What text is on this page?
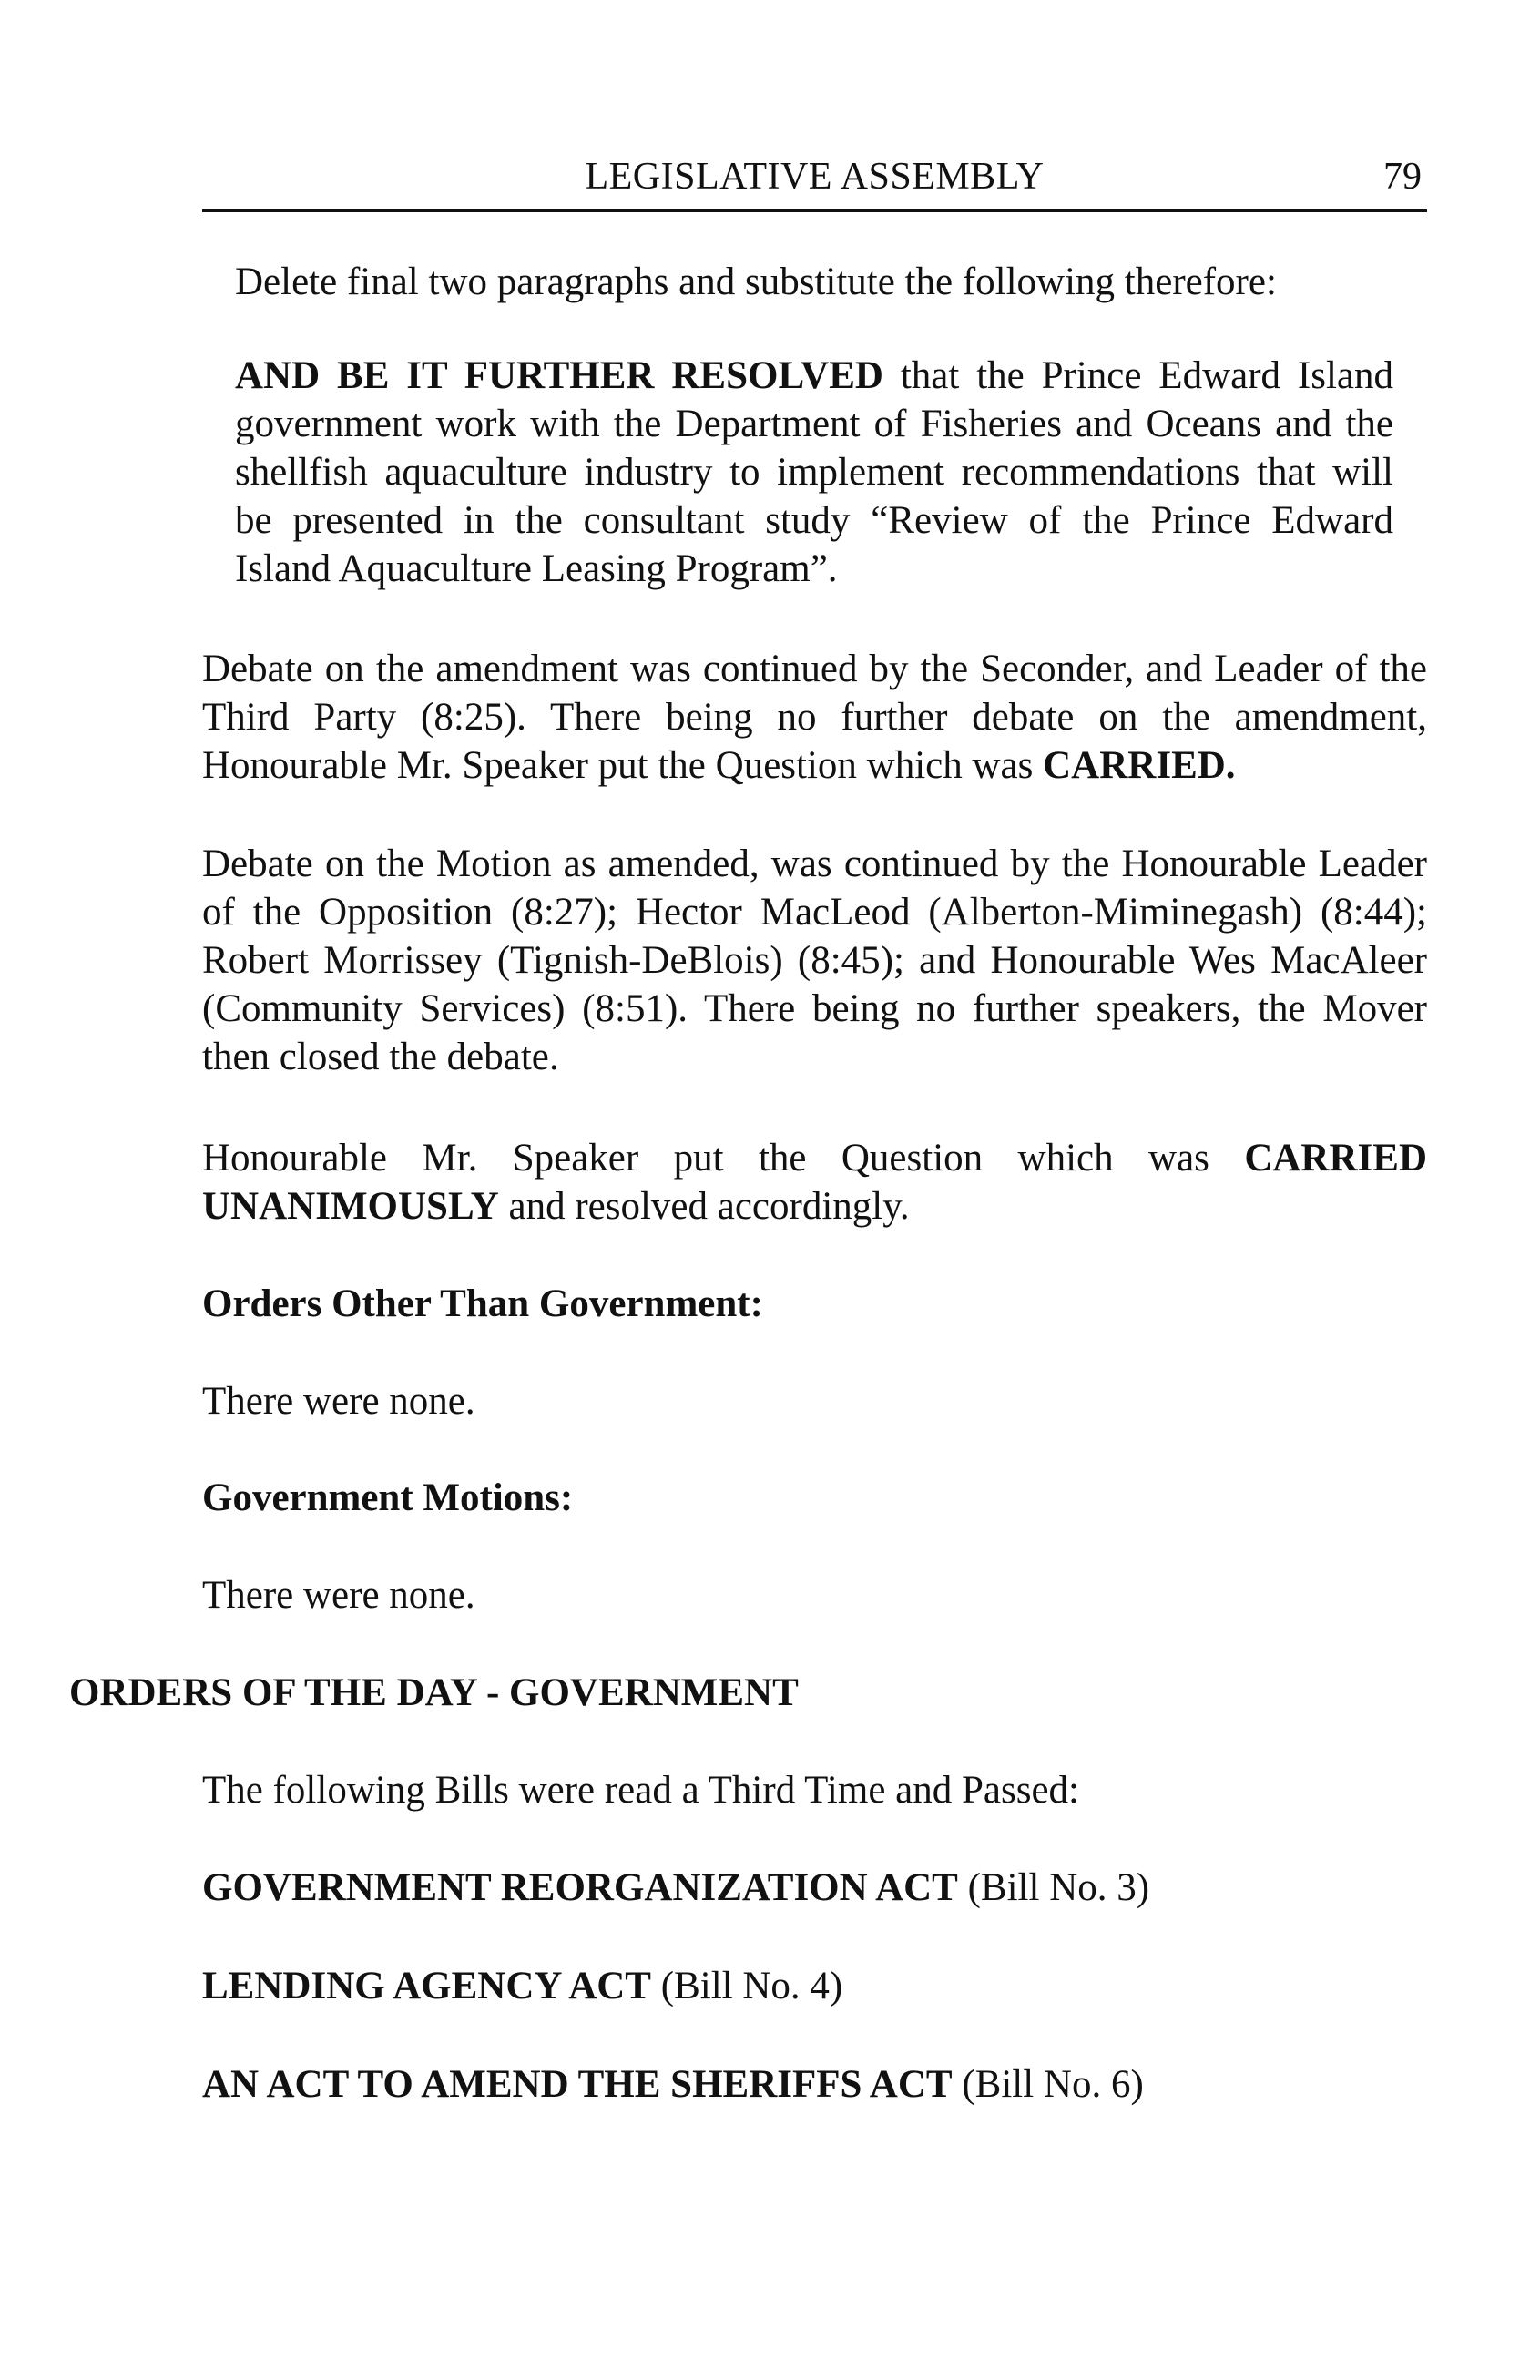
LEGISLATIVE ASSEMBLY	79
Delete final two paragraphs and substitute the following therefore:
AND BE IT FURTHER RESOLVED that the Prince Edward Island
government work with the Department of Fisheries and Oceans and the
shellfish aquaculture industry to implement recommendations that will
be presented in the consultant study “Review of the Prince Edward
Island Aquaculture Leasing Program”.
Debate on the amendment was continued by the Seconder, and Leader of the
Third Party (8:25). There being no further debate on the amendment,
Honourable Mr. Speaker put the Question which was CARRIED.
Debate on the Motion as amended, was continued by the Honourable Leader
of the Opposition (8:27); Hector MacLeod (Alberton-Miminegash) (8:44);
Robert Morrissey (Tignish-DeBlois) (8:45); and Honourable Wes MacAleer
(Community Services) (8:51). There being no further speakers, the Mover
then closed the debate.
Honourable Mr. Speaker put the Question which was CARRIED
UNANIMOUSLY and resolved accordingly.
Orders Other Than Government:
There were none.
Government Motions:
There were none.
ORDERS OF THE DAY - GOVERNMENT
The following Bills were read a Third Time and Passed:
GOVERNMENT REORGANIZATION ACT (Bill No. 3)
LENDING AGENCY ACT (Bill No. 4)
AN ACT TO AMEND THE SHERIFFS ACT (Bill No. 6)
